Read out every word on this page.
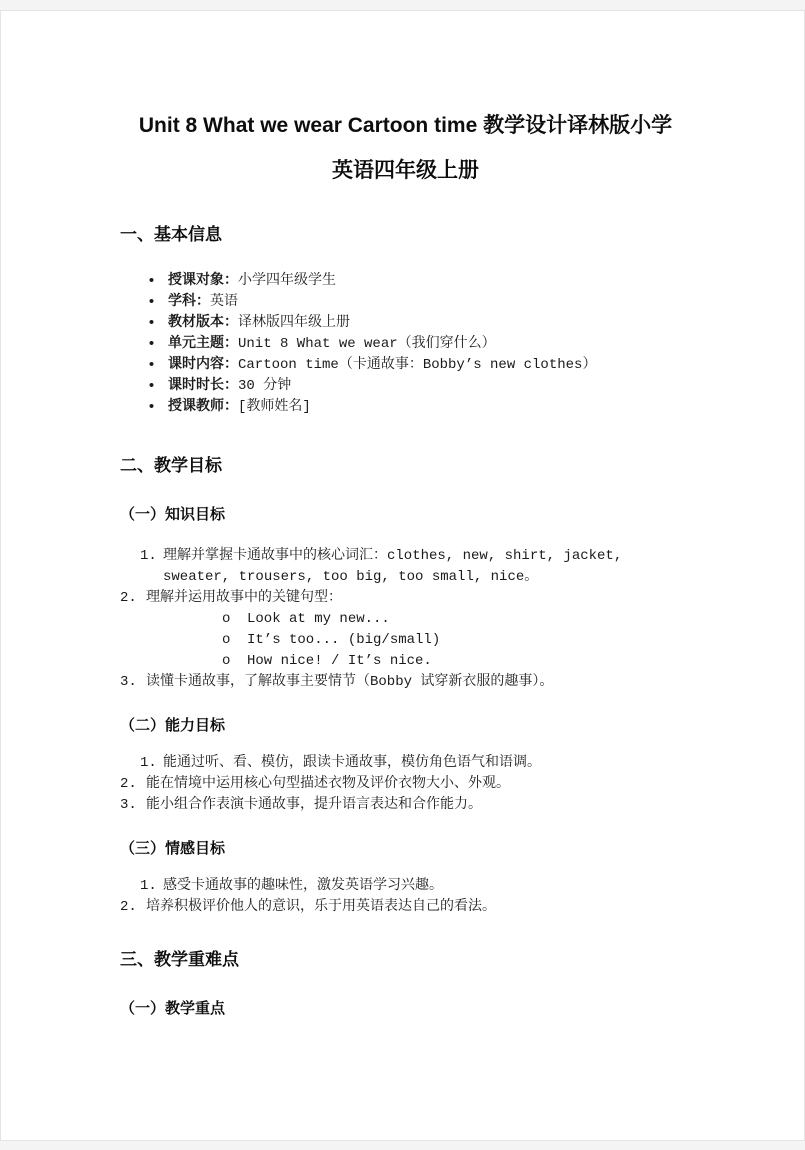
Unit 8 What we wear Cartoon time 教学设计译林版小学
英语四年级上册
一、基本信息
• 授课对象：小学四年级学生
• 学科：英语
• 教材版本：译林版四年级上册
• 单元主题：Unit 8 What we wear（我们穿什么）
• 课时内容：Cartoon time（卡通故事：Bobby’s new clothes）
• 课时时长：30 分钟
• 授课教师：[教师姓名]
二、教学目标
（一）知识目标
1. 理解并掌握卡通故事中的核心词汇：clothes, new, shirt, jacket, sweater, trousers, too big, too small, nice。
2. 理解并运用故事中的关键句型：
o	Look at my new...
o	It’s too... (big/small)
o	How nice! / It’s nice.
3. 读懂卡通故事，了解故事主要情节（Bobby 试穿新衣服的趣事）。
（二）能力目标
1. 能通过听、看、模仿，跟读卡通故事，模仿角色语气和语调。
2. 能在情境中运用核心句型描述衣物及评价衣物大小、外观。
3. 能小组合作表演卡通故事，提升语言表达和合作能力。
（三）情感目标
1. 感受卡通故事的趣味性，激发英语学习兴趣。
2. 培养积极评价他人的意识，乐于用英语表达自己的看法。
三、教学重难点
（一）教学重点
